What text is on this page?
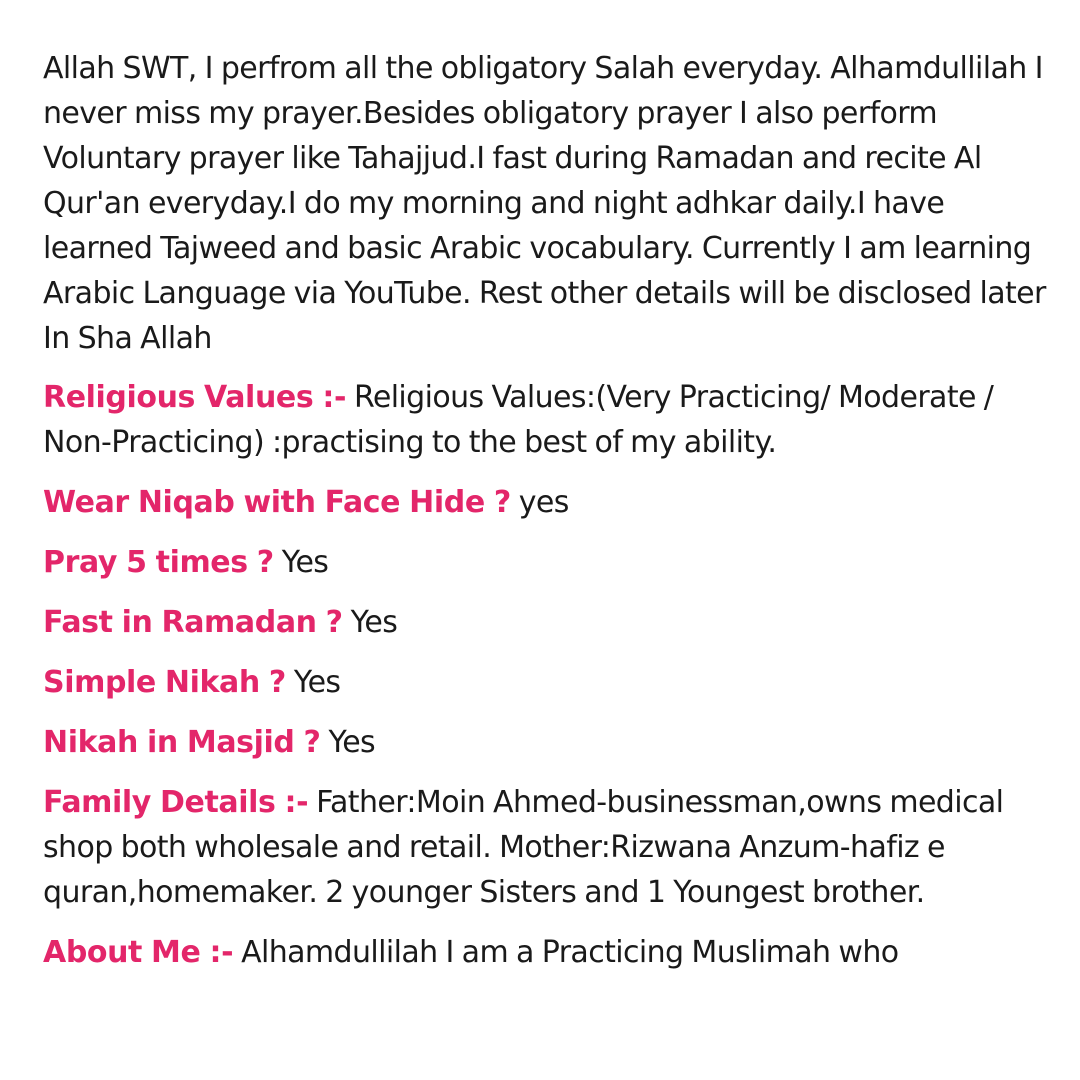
Allah SWT, I perfrom all the obligatory Salah everyday. Alhamdullilah I never miss my prayer.Besides obligatory prayer I also perform Voluntary prayer like Tahajjud.I fast during Ramadan and recite Al Qur'an everyday.I do my morning and night adhkar daily.I have learned Tajweed and basic Arabic vocabulary. Currently I am learning Arabic Language via YouTube. Rest other details will be disclosed later In Sha Allah

Religious Values :- Religious Values:(Very Practicing/ Moderate / Non-Practicing) :practising to the best of my ability.

Wear Niqab with Face Hide ? yes

Pray 5 times ? Yes

Fast in Ramadan ? Yes

Simple Nikah ? Yes

Nikah in Masjid ? Yes

Family Details :- Father:Moin Ahmed-businessman,owns medical shop both wholesale and retail. Mother:Rizwana Anzum-hafiz e quran,homemaker. 2 younger Sisters and 1 Youngest brother.

About Me :- Alhamdullilah I am a Practicing Muslimah who
